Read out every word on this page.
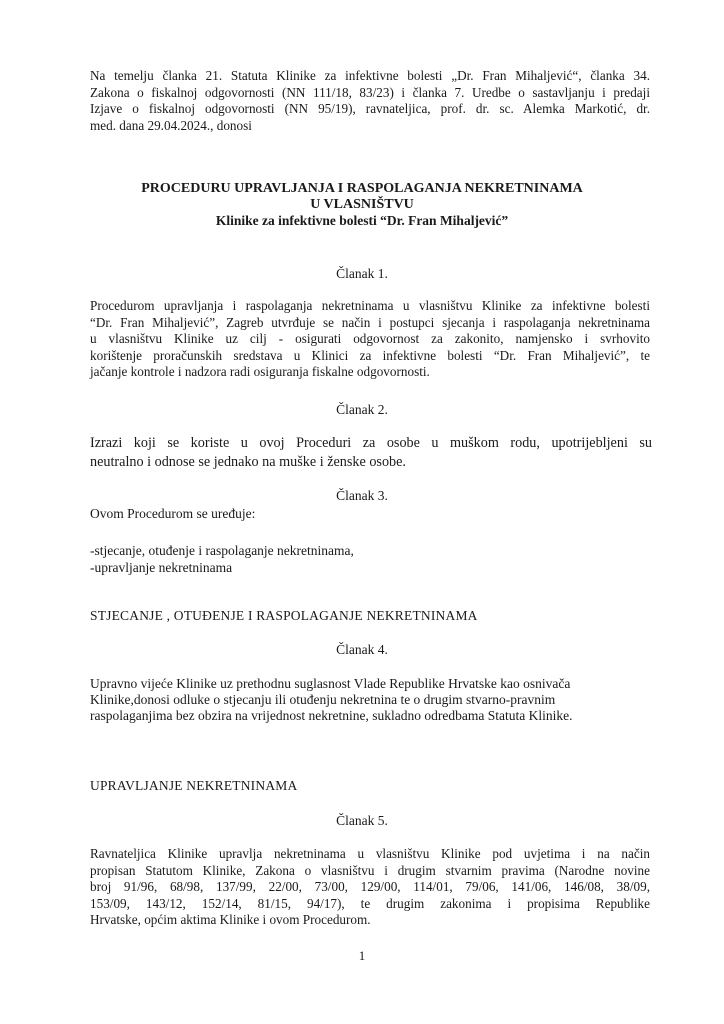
Na temelju članka 21. Statuta Klinike za infektivne bolesti „Dr. Fran Mihaljević“, članka 34.
Zakona o fiskalnoj odgovornosti (NN 111/18, 83/23) i članka 7. Uredbe o sastavljanju i predaji
Izjave o fiskalnoj odgovornosti (NN 95/19), ravnateljica, prof. dr. sc. Alemka Markotić, dr.
med. dana 29.04.2024., donosi
PROCEDURU UPRAVLJANJA I RASPOLAGANJA NEKRETNINAMA
U VLASNIŠTVU
Klinike za infektivne bolesti “Dr. Fran Mihaljević”
Članak 1.
Procedurom upravljanja i raspolaganja nekretninama u vlasništvu Klinike za infektivne bolesti
“Dr. Fran Mihaljević”, Zagreb utvrđuje se način i postupci sjecanja i raspolaganja nekretninama
u vlasništvu Klinike uz cilj - osigurati odgovornost za zakonito, namjensko i svrhovito
korištenje proračunskih sredstava u Klinici za infektivne bolesti “Dr. Fran Mihaljević”, te
jačanje kontrole i nadzora radi osiguranja fiskalne odgovornosti.
Članak 2.
Izrazi koji se koriste u ovoj Proceduri za osobe u muškom rodu, upotrijebljeni su
neutralno i odnose se jednako na muške i ženske osobe.
Članak 3.
Ovom Procedurom se uređuje:
-stjecanje, otuđenje i raspolaganje nekretninama,
-upravljanje nekretninama
STJECANJE , OTUĐENJE I RASPOLAGANJE NEKRETNINAMA
Članak 4.
Upravno vijeće Klinike uz prethodnu suglasnost Vlade Republike Hrvatske kao osnivača
Klinike,donosi odluke o stjecanju ili otuđenju nekretnina te o drugim stvarno-pravnim
raspolaganjima bez obzira na vrijednost nekretnine, sukladno odredbama Statuta Klinike.
UPRAVLJANJE NEKRETNINAMA
Članak 5.
Ravnateljica Klinike upravlja nekretninama u vlasništvu Klinike pod uvjetima i na način
propisan Statutom Klinike, Zakona o vlasništvu i drugim stvarnim pravima (Narodne novine
broj 91/96, 68/98, 137/99, 22/00, 73/00, 129/00, 114/01, 79/06, 141/06, 146/08, 38/09,
153/09, 143/12, 152/14, 81/15, 94/17), te drugim zakonima i propisima Republike
Hrvatske, općim aktima Klinike i ovom Procedurom.
1
